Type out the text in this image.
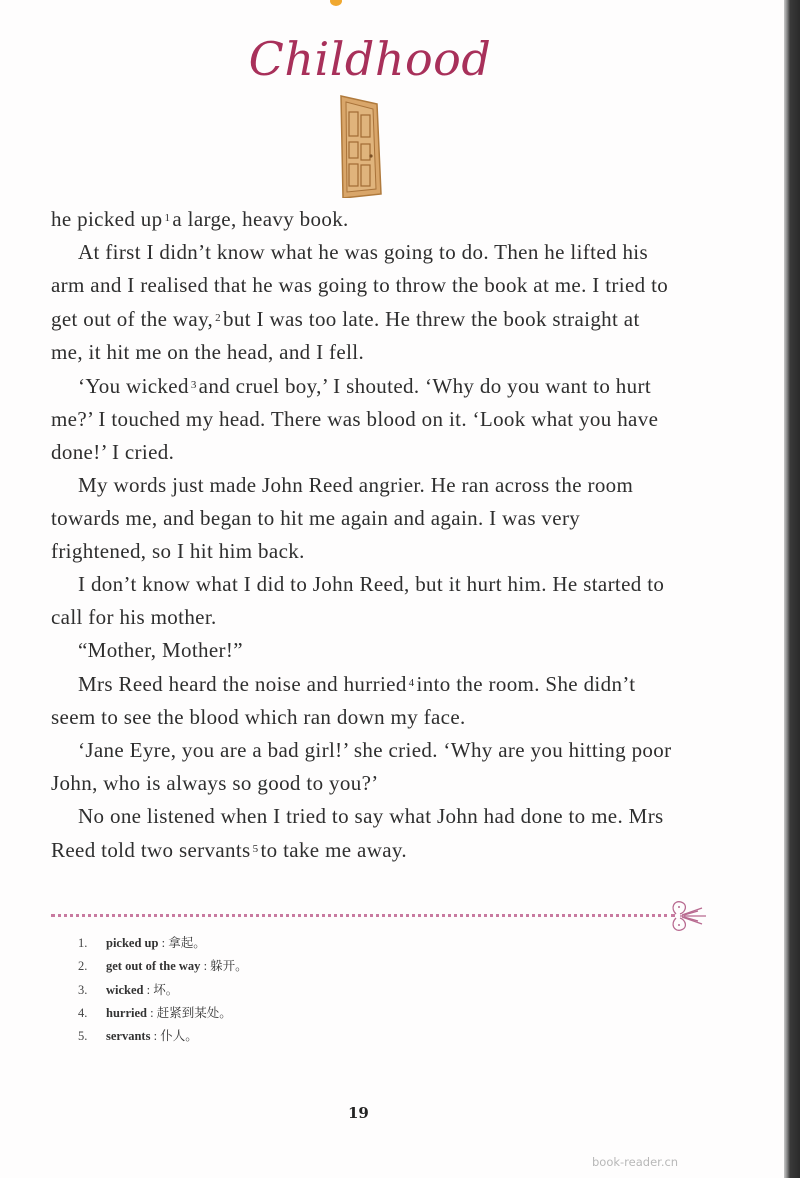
Childhood

he picked up $^1$a large, heavy book.

At first I didn’t know what he was going to do. Then he lifted his arm and I realised that he was going to throw the book at me. I tried to get out of the way, $^2$but I was too late. He threw the book straight at me, it hit me on the head, and I fell.

‘You wicked $^3$and cruel boy,’ I shouted. ‘Why do you want to hurt me?’ I touched my head. There was blood on it. ‘Look what you have done!’ I cried.

My words just made John Reed angrier. He ran across the room towards me, and began to hit me again and again. I was very frightened, so I hit him back.

I don’t know what I did to John Reed, but it hurt him. He started to call for his mother.

“Mother, Mother!”

Mrs Reed heard the noise and hurried $^4$into the room. She didn’t seem to see the blood which ran down my face.

‘Jane Eyre, you are a bad girl!’ she cried. ‘Why are you hitting poor John, who is always so good to you?’

No one listened when I tried to say what John had done to me. Mrs Reed told two servants $^5$to take me away.

1.	picked up : 拿起。
2.	get out of the way : 躲开。
3.	wicked : 坏。
4.	hurried : 赶紧到某处。
5.	servants : 仆人。
19
book-reader.cn
